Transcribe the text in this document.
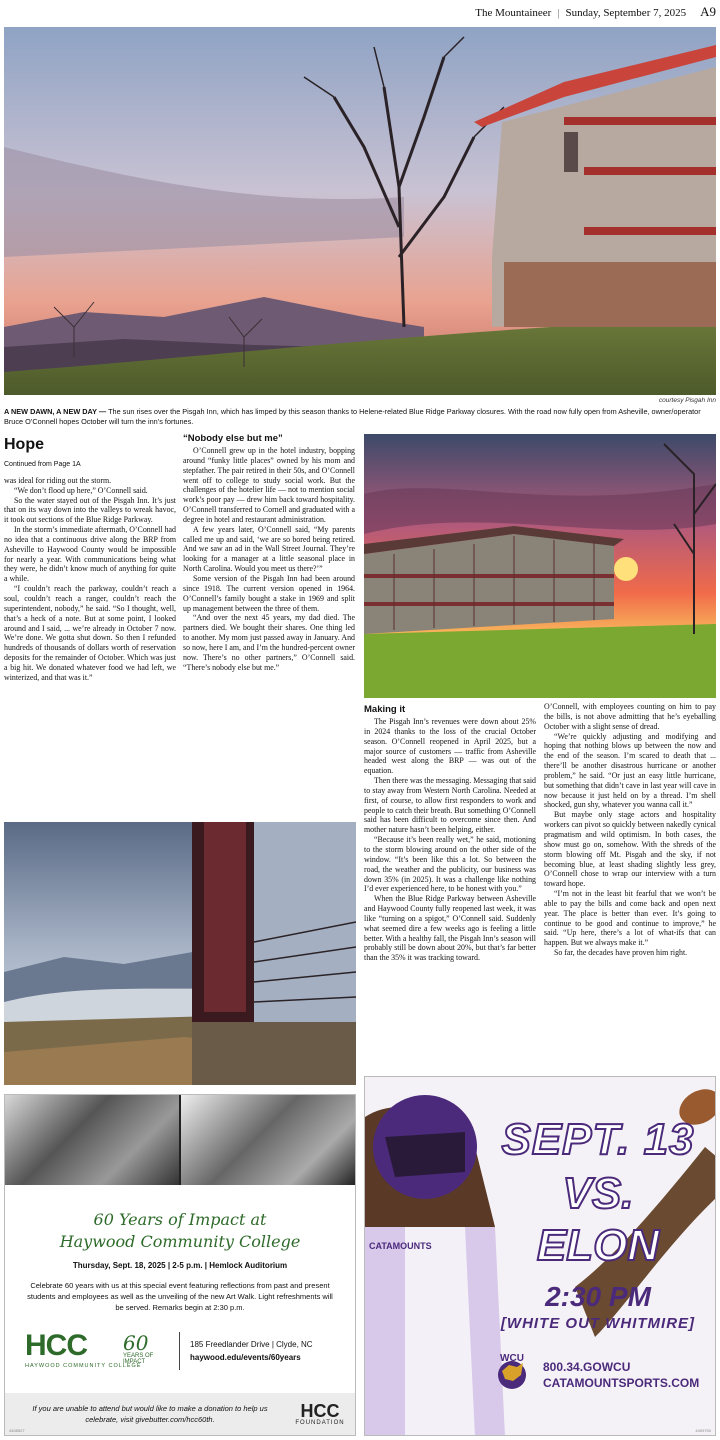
The Mountaineer | Sunday, September 7, 2025 A9
courtesy Pisgah Inn
A NEW DAWN, A NEW DAY — The sun rises over the Pisgah Inn, which has limped by this season thanks to Helene-related Blue Ridge Parkway closures. With the road now fully open from Asheville, owner/operator Bruce O’Connell hopes October will turn the inn’s fortunes.
Hope
Continued from Page 1A

was ideal for riding out the storm.

“We don’t flood up here,” O’Connell said.

So the water stayed out of the Pisgah Inn. It’s just that on its way down into the valleys to wreak havoc, it took out sections of the Blue Ridge Parkway.

In the storm’s immediate aftermath, O’Connell had no idea that a continuous drive along the BRP from Asheville to Haywood County would be impossible for nearly a year. With communications being what they were, he didn’t know much of anything for quite a while.

“I couldn’t reach the parkway, couldn’t reach a soul, couldn’t reach a ranger, couldn’t reach the superintendent, nobody,” he said. “So I thought, well, that’s a heck of a note. But at some point, I looked around and I said, ... we’re already in October 7 now. We’re done. We gotta shut down. So then I refunded hundreds of thousands of dollars worth of reservation deposits for the remainder of October. Which was just a big hit. We donated whatever food we had left, we winterized, and that was it.”

“Nobody else but me”

O’Connell grew up in the hotel industry, bopping around “funky little places” owned by his mom and stepfather. The pair retired in their 50s, and O’Connell went off to college to study social work. But the challenges of the hotelier life — not to mention social work’s poor pay — drew him back toward hospitality. O’Connell transferred to Cornell and graduated with a degree in hotel and restaurant administration.

A few years later, O’Connell said, “My parents called me up and said, ‘we are so bored being retired. And we saw an ad in the Wall Street Journal. They’re looking for a manager at a little seasonal place in North Carolina. Would you meet us there?’”

Some version of the Pisgah Inn had been around since 1918. The current version opened in 1964. O’Connell’s family bought a stake in 1969 and split up management between the three of them.

“And over the next 45 years, my dad died. The partners died. We bought their shares. One thing led to another. My mom just passed away in January. And so now, here I am, and I’m the hundred-percent owner now. There’s no other partners,” O’Connell said. “There’s nobody else but me.”

Making it

The Pisgah Inn’s revenues were down about 25% in 2024 thanks to the loss of the crucial October season. O’Connell reopened in April 2025, but a major source of customers — traffic from Asheville headed west along the BRP — was out of the equation.

Then there was the messaging. Messaging that said to stay away from Western North Carolina. Needed at first, of course, to allow first responders to work and people to catch their breath. But something O’Connell said has been difficult to overcome since then. And mother nature hasn’t been helping, either.

“Because it’s been really wet,” he said, motioning to the storm blowing around on the other side of the window. “It’s been like this a lot. So between the road, the weather and the publicity, our business was down 35% (in 2025). It was a challenge like nothing I’d ever experienced here, to be honest with you.”

When the Blue Ridge Parkway between Asheville and Haywood County fully reopened last week, it was like “turning on a spigot,” O’Connell said. Suddenly what seemed dire a few weeks ago is feeling a little better. With a healthy fall, the Pisgah Inn’s season will probably still be down about 20%, but that’s far better than the 35% it was tracking toward.

O’Connell, with employees counting on him to pay the bills, is not above admitting that he’s eyeballing October with a slight sense of dread.

“We’re quickly adjusting and modifying and hoping that nothing blows up between the now and the end of the season. I’m scared to death that ... there’ll be another disastrous hurricane or another problem,” he said. “Or just an easy little hurricane, but something that didn’t cave in last year will cave in now because it just held on by a thread. I’m shell shocked, gun shy, whatever you wanna call it.”

But maybe only stage actors and hospitality workers can pivot so quickly between nakedly cynical pragmatism and wild optimism. In both cases, the show must go on, somehow. With the shreds of the storm blowing off Mt. Pisgah and the sky, if not becoming blue, at least shading slightly less grey, O’Connell chose to wrap our interview with a turn toward hope.

“I’m not in the least bit fearful that we won’t be able to pay the bills and come back and open next year. The place is better than ever. It’s going to continue to be good and continue to improve,” he said. “Up here, there’s a lot of what-ifs that can happen. But we always make it.”

So far, the decades have proven him right.

60 Years of Impact at
Haywood Community College
Thursday, Sept. 18, 2025 | 2-5 p.m. | Hemlock Auditorium
Celebrate 60 years with us at this special event featuring reflections from past and present students and employees as well as the unveiling of the new Art Walk. Light refreshments will be served. Remarks begin at 2:30 p.m.
HCC	60
YEARS OF IMPACT
HAYWOOD COMMUNITY COLLEGE
185 Freedlander Drive | Clyde, NC
haywood.edu/events/60years
If you are unable to attend but would like to make a donation to help us celebrate, visit givebutter.com/hcc60th.	HCC
FOUNDATION
4408527
CATAMOUNTS
SEPT. 13
VS.
ELON
2:30 PM
[WHITE OUT WHITMIRE]
WCU
800.34.GOWCU
CATAMOUNTSPORTS.COM
4409750
